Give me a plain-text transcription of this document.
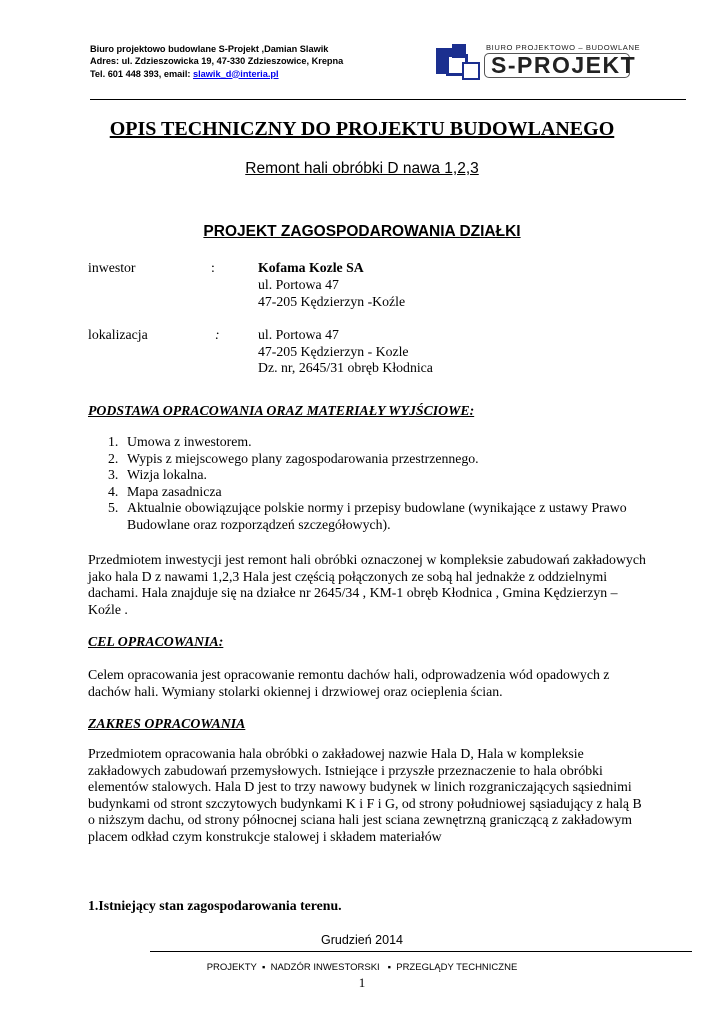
Biuro projektowo budowlane S-Projekt ,Damian Slawik
Adres: ul. Zdzieszowicka 19, 47-330 Zdzieszowice, Krepna
Tel. 601 448 393, email: slawik_d@interia.pl
BIURO PROJEKTOWO – BUDOWLANE
S-PROJEKT
OPIS TECHNICZNY DO PROJEKTU BUDOWLANEGO
Remont hali obróbki D nawa 1,2,3
PROJEKT ZAGOSPODAROWANIA DZIAŁKI
inwestor	:	Kofama Kozle SA
ul. Portowa 47
47-205 Kędzierzyn -Koźle
lokalizacja	:	ul. Portowa 47
47-205 Kędzierzyn - Kozle
Dz. nr, 2645/31 obręb Kłodnica
PODSTAWA OPRACOWANIA ORAZ MATERIAŁY WYJŚCIOWE:
1. Umowa z inwestorem.
2. Wypis z miejscowego plany zagospodarowania przestrzennego.
3. Wizja lokalna.
4. Mapa zasadnicza
5. Aktualnie obowiązujące polskie normy i przepisy budowlane (wynikające z ustawy Prawo Budowlane oraz rozporządzeń szczegółowych).
Przedmiotem inwestycji jest remont hali obróbki oznaczonej w kompleksie zabudowań zakładowych jako hala D z nawami 1,2,3 Hala jest częścią połączonych ze sobą hal jednakże z oddzielnymi dachami. Hala znajduje się na działce nr 2645/34 , KM-1 obręb Kłodnica , Gmina Kędzierzyn – Koźle .
CEL OPRACOWANIA:
Celem opracowania jest opracowanie remontu dachów hali, odprowadzenia wód opadowych z dachów hali. Wymiany stolarki okiennej i drzwiowej oraz ocieplenia ścian.
ZAKRES OPRACOWANIA
Przedmiotem opracowania hala obróbki o zakładowej nazwie Hala D, Hala w kompleksie zakładowych zabudowań przemysłowych. Istniejące i przyszłe przeznaczenie to hala obróbki elementów stalowych. Hala D jest to trzy nawowy budynek w linich rozgraniczających sąsiednimi budynkami od stront szczytowych budynkami K i F i G, od strony południowej sąsiadujący z halą B o niższym dachu, od strony północnej sciana hali jest sciana zewnętrzną graniczącą z zakładowym placem odkład czym konstrukcje stalowej i składem materiałów
1.Istniejący stan zagospodarowania terenu.
Grudzień 2014
PROJEKTY  ▪  NADZÓR INWESTORSKI   ▪  PRZEGLĄDY TECHNICZNE
1
